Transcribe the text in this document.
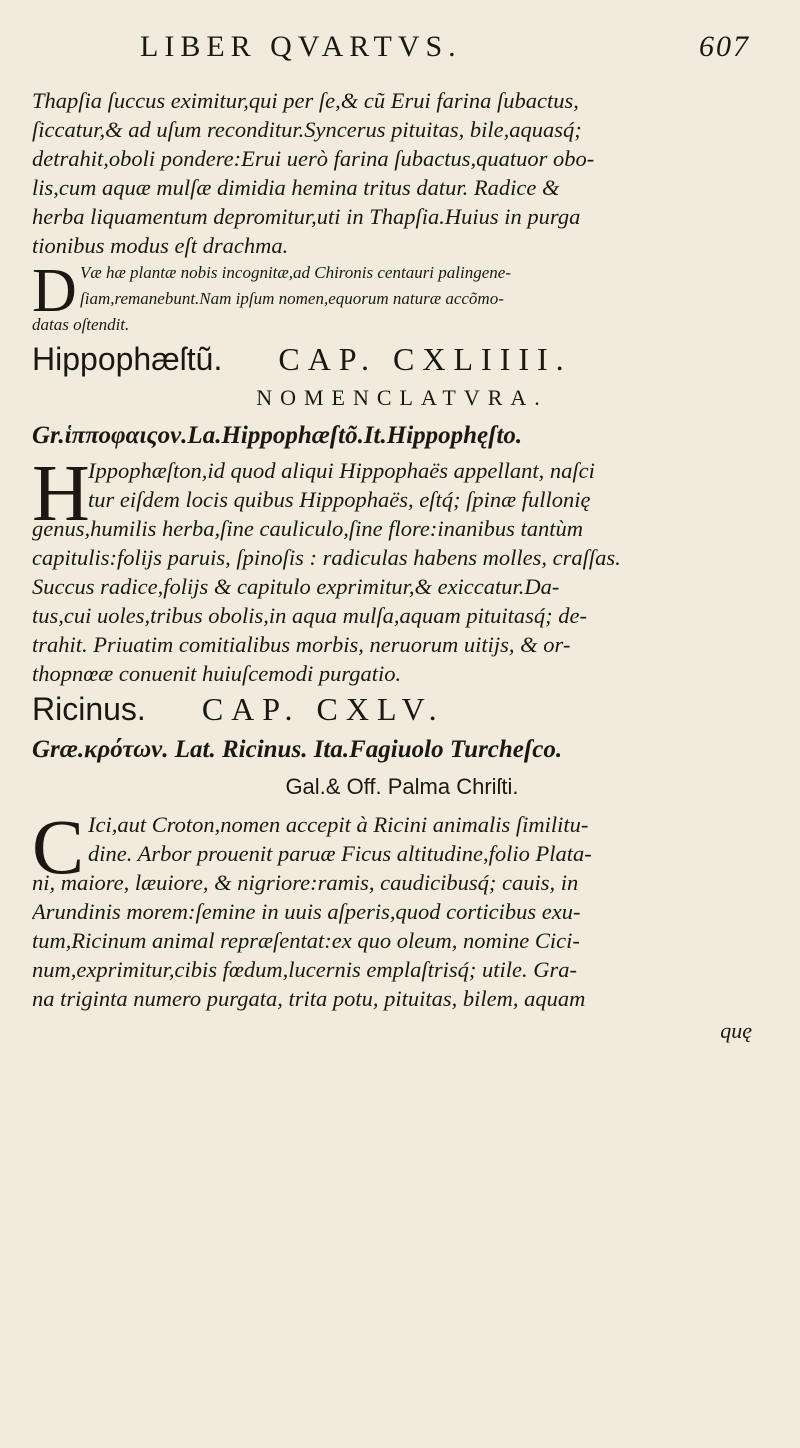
LIBER QVARTVS.	607
Thapſia ſuccus eximitur,qui per ſe,& cũ Erui farina ſubactus,
ſiccatur,& ad uſum reconditur.Syncerus pituitas, bile,aquasq́;
detrahit,oboli pondere:Erui uerò farina ſubactus,quatuor obo-
lis,cum aquæ mulſæ dimidia hemina tritus datur. Radice &
herba liquamentum depromitur,uti in Thapſia.Huius in purga
tionibus modus eſt drachma.
D Væ hæ plantæ nobis incognitæ,ad Chironis centauri palingene-
ſiam,remanebunt.Nam ipſum nomen,equorum naturæ accõmo-
datas oſtendit.
Hippophæſtũ. CAP. CXLIIII.
NOMENCLATVRA.
Gr.ἱπποφαιςον.La.Hippophæſtõ.It.Hippophęſto.
H
Ippophæſton,id quod aliqui Hippophaës appellant, naſci
tur eiſdem locis quibus Hippophaës, eſtq́; ſpinæ fullonię
genus,humilis herba,ſine cauliculo,ſine flore:inanibus tantùm
capitulis:folijs paruis, ſpinoſis : radiculas habens molles, craſſas.
Succus radice,folijs & capitulo exprimitur,& exiccatur.Da-
tus,cui uoles,tribus obolis,in aqua mulſa,aquam pituitasq́; de-
trahit. Priuatim comitialibus morbis, neruorum uitijs, & or-
thopnœæ conuenit huiuſcemodi purgatio.
Ricinus. CAP. CXLV.
Græ.κρότων. Lat. Ricinus. Ita.Fagiuolo Turcheſco.
Gal.& Off. Palma Chriſti.
C Ici,aut Croton,nomen accepit à Ricini animalis ſimilitu-
dine. Arbor prouenit paruæ Ficus altitudine,folio Plata-
ni, maiore, læuiore, & nigriore:ramis, caudicibusq́; cauis, in
Arundinis morem:ſemine in uuis aſperis,quod corticibus exu-
tum,Ricinum animal repræſentat:ex quo oleum, nomine Cici-
num,exprimitur,cibis fœdum,lucernis emplaſtrisq́; utile. Gra-
na triginta numero purgata, trita potu, pituitas, bilem, aquam
quę
